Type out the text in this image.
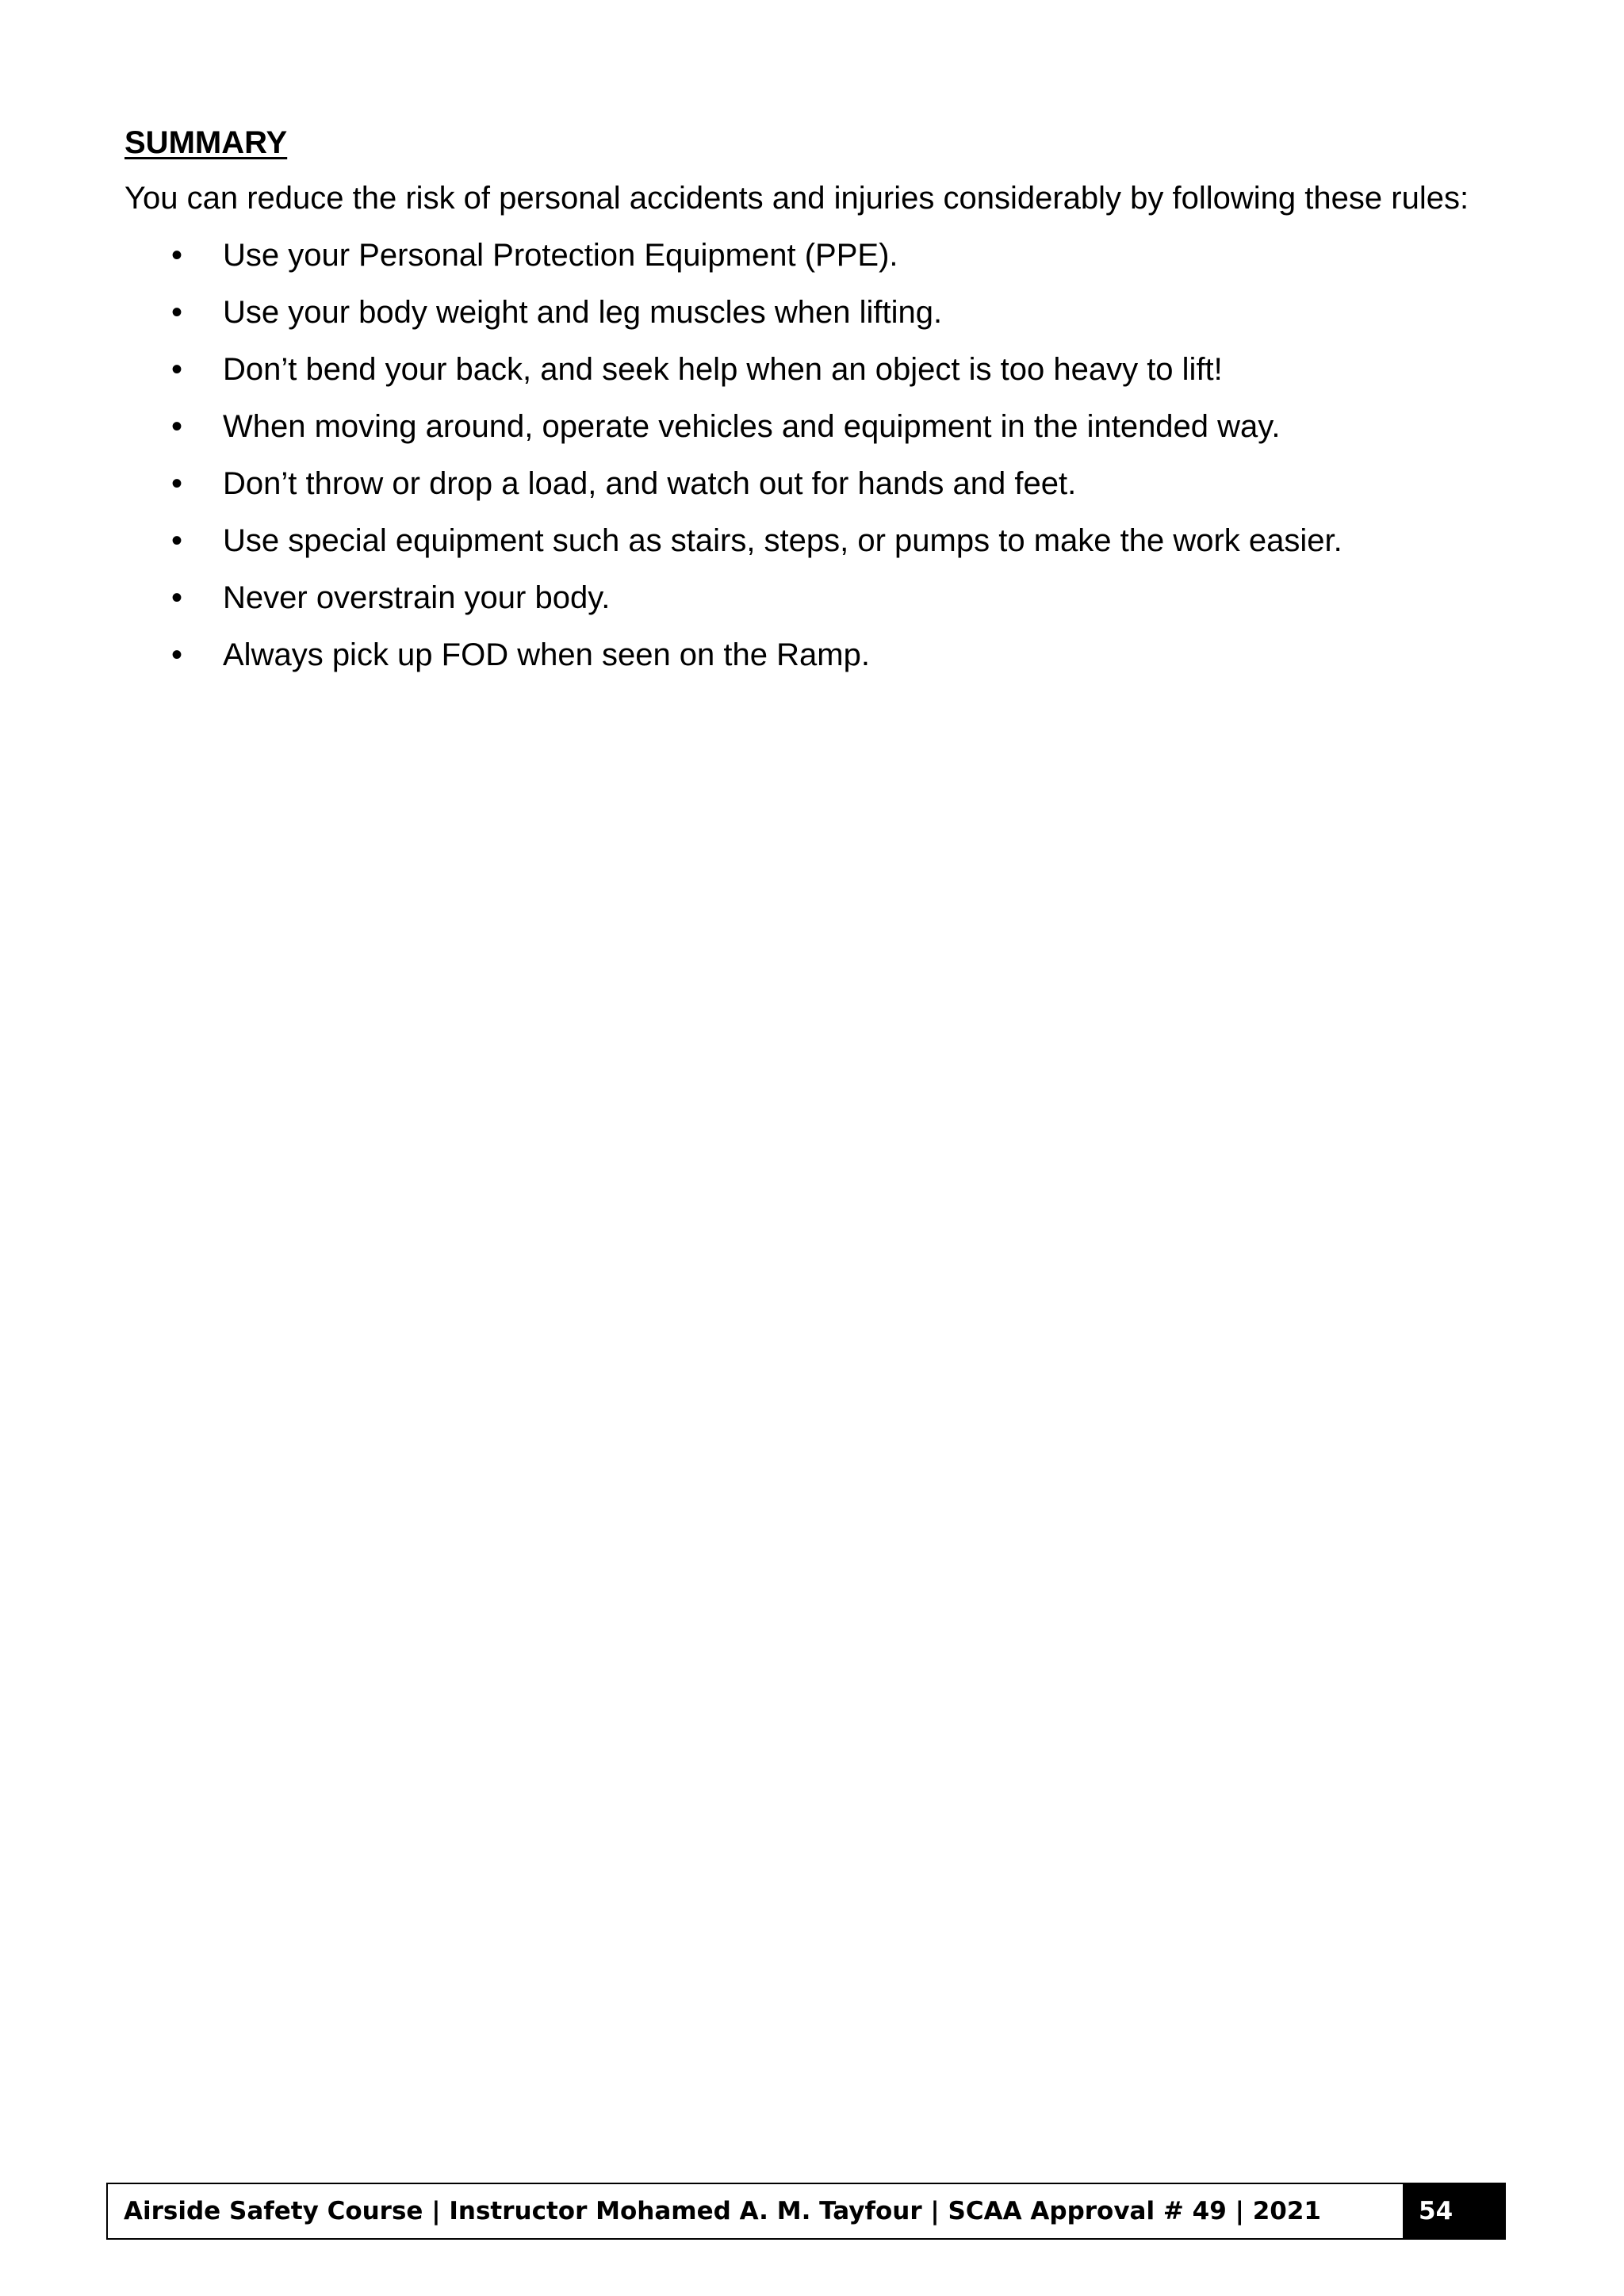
SUMMARY

You can reduce the risk of personal accidents and injuries considerably by following these rules:

• Use your Personal Protection Equipment (PPE).
• Use your body weight and leg muscles when lifting.
• Don’t bend your back, and seek help when an object is too heavy to lift!
• When moving around, operate vehicles and equipment in the intended way.
• Don’t throw or drop a load, and watch out for hands and feet.
• Use special equipment such as stairs, steps, or pumps to make the work easier.
• Never overstrain your body.
• Always pick up FOD when seen on the Ramp.
Airside Safety Course | Instructor Mohamed A. M. Tayfour | SCAA Approval # 49 | 2021	54
